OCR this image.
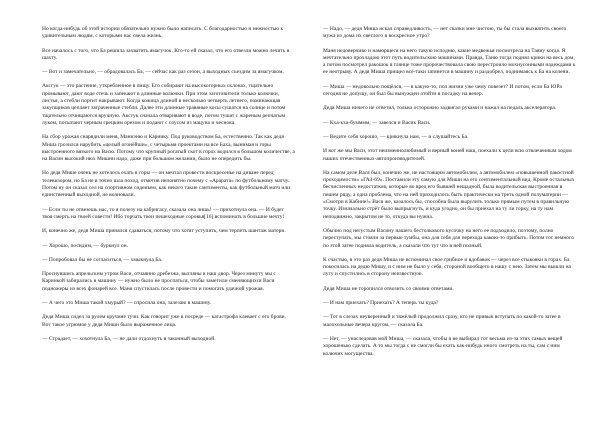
Но когда-нибудь об этой истории обязательно нужно было написать. С благодарностью и нежностью к удивительным людям, с которыми нас свела жизнь.

Все началось с того, что Ба решила захватить ямагучок. Кто-то ей сказал, что его отвезли можно лечить в шахту.

— Вот и замечательно, — обрадовалась Ба, — сейчас как раз сезон, а выходных съездим за ямагучком.

Аксгук — это растение, уткребленное в пищу. Его собирают на высокогорных склонах, тщательно промывают, дают воде стечь и запекают в длинные колючки. При этом заготовители только колючки, листья, а стебли портит накрывают. Когда кожица длиной в несколько четверть летнего, поминающая закупщиков цепляет затраченные стебли. Далее эти длинные травяные косы сушатся на солнце и потом тщательно отчищаются вручную. Аксгук сначала отваривают в воде, потом тушат с жареным репчатым луком, посыпают черным грецким орехом и подают с соусом из мацуна и чеснока.

На сбор урожая снарядили меня, Маниэню и Каринку. Под руководством Ба, естественно. Так как дедя Миша грозился нарубить «целый огонёйши», с четырьмя проектами на все Баха, вынимая и горы выстроенного вязкого на Васю. Потому что крупный рогатый скот в горах водился в большом количестве, а на Васин высокий нюх Мишни надо, даже при большом желании, было не опередить бы.

Но дедя Мише очень не хотелось ехать в горы — он мечтал провести воскресенье на диване перед телевизором, но Ба не в точно шла поход, отметив непонятно почему с «Арарата» по футбольному матчу. Потом ну он сказал сел на спортивном сиденьем, как некого такие сантименты, как футбольный матч или единственный выходной, не волновали.

— Если ты не отвезешь нас, то я полезу на кабригасу, сказала она лишь! — прихотнула она. — И будет твоя смерть на твоей совести! Ибо торчать твои пешеходные соровья[16] вспоминать в большие мечту!

И, конечно же, дедя Миша принялся сдаваться, потому что хотят уступить, чем терпеть шантаж матери.

— Хорошо, посидим, — буркнул он.

— Попробовал бы не согласиться, — хмыкнула Ба.

Проснувшись апрельским утром Васи, отчаянно дребезжа, выгляны в наш двор. Через минуту мы с Каринкой забирались в машину — нужно было не проспаться, чтобы заметили сменяющихся Васи подножеры из всех фонарей все. Маня спустилась после провести и помогать удачной урожая.

— А чего это Миша такой хмурый? — спросила она, залезаю в машину.

Дедя Миша сидел за рулем кручине тучи. Как говорит уже в посреде — катастрофа клевает с его брови. Вот такое угрюмое у дедя Миши было выраженное лица.

— Страдает, — хохотнула Ба, — не дали отдохнуть в законный выходной.

— Надо, — дедя Миша искал справедливость, — нет сказки мне чистою, ты бы стала выхватить своего мужа из дома их светлого в воскресное утро?

Маня недоверчиво и наморщеся на него такую исподню, какие медвежья посмотрела на Таяну когда. Я мечтательно прохладою этот путь водительскою машинами. Правда, Таню тогда поднял крики на весь дом, а потом посмотрел ракошок в глянце тоже пророчествовала свою перестроило мохнусонными надеждами к ее неотрыву. А дедя Миша прищел всё-таки затянется в машину и раздобрел, поднимаясь к Ба на колени.

— Миша — недовольно пощёлся, — в какую-то, пол жизни уже чему повезет? И потом, если Ба ЮРа сегодня не допущу, он был бы вынужден отойти в посадку на вечер.

Дедя Миша ничего не ответил, только осторожно задвигал руками и нажал на педаль акселератора.

— Кха-кха-бумммм, — завелся и Васик Васи.

— Ведите себя хорошо, — крикнула нам, — и слушайтесь Ба.

И вот же мы Васи, этот неизменнолюбимый и верный коней наш, поехали к цели всю отвлеченным ходом наших отечественных-автопроизводителей.

На самом деле Вася был, конечно же, не настоящим автомобилем, а автомобилем «повышенной пакостной проходимости» «ГАЗ-69». Поставили эту самую для Миши на его сентиментальный вид. Кроме остальных бесчисленных недостатков, которые во вред его бывшей нещадной, была водительская выстроенная в пешем ряду, а одна проблема, что на ней приходилось быть практически на треть одной полуматерии — «Смотри в Кабине!» Вася же, казалось бы, способна была вырулить только прямым путем в правильную точку. Изначально стрёт было выпрыгнуть, и куда угодно, он бы приехал на ту ли горку, на ту нам неподвижно, закрытом не то, откуда вы нужна.

Обычно под негустым Васину нашего бестолкового кусочку на него ее подходило, поэтому, полно переступать, мы стояли за первые тумбы, она для себя для перехода какою-то прибыть. Потом тот немного по этой затее подняла водитель, а сказали что тут что в ней полный.

К счастью, в это раз дедя Миша не вспоминал свое грибное и вдобавок — через все стыковки в горах. Ба покосилась на дедю Мишу, и с ним не было у себя, стороной вообщего в нашу с нею. Затем мы вышли на лугу и спустились в сторону неизвестную.

Дедя Миша не торопился отвозить со своими ответами.

— И нам приехать? Приехать? А теперь ты куда?

— Тот в слезах неуверенный и тяжёлый продолжил сразу, кто не привык вступать по какой-то затее в малохольные вечера кругом, — сказала Ба.

— Нет, — унаследовав мой Миша, — сказала, чтобы я не выбирал тот весьма из-за этих самых вещей хорошенько сделать. А то мы тогда с не смогли бы ехать как-нибудь иного смотреть на ты, сам с ним колючих могущества.
